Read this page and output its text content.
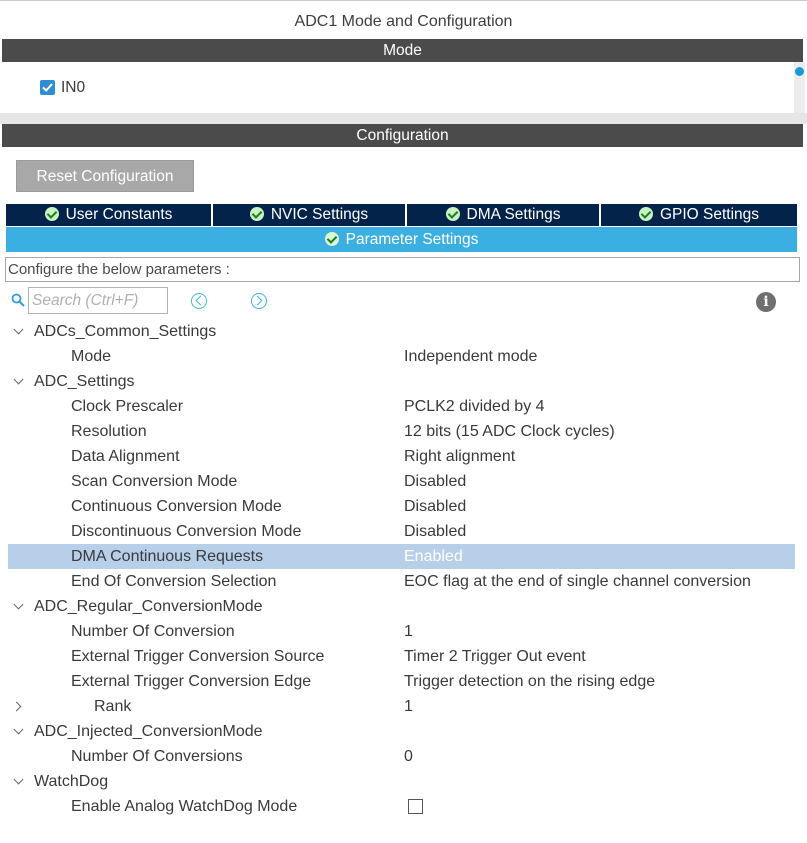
ADC1 Mode and Configuration
Mode
IN0
Configuration
Reset Configuration
User Constants	NVIC Settings	DMA Settings	GPIO Settings
Parameter Settings
Configure the below parameters :
Search (Ctrl+F)
i
ADCs_Common_Settings
Mode	Independent mode
ADC_Settings
Clock Prescaler	PCLK2 divided by 4
Resolution	12 bits (15 ADC Clock cycles)
Data Alignment	Right alignment
Scan Conversion Mode	Disabled
Continuous Conversion Mode	Disabled
Discontinuous Conversion Mode	Disabled
DMA Continuous Requests	Enabled
End Of Conversion Selection	EOC flag at the end of single channel conversion
ADC_Regular_ConversionMode
Number Of Conversion	1
External Trigger Conversion Source	Timer 2 Trigger Out event
External Trigger Conversion Edge	Trigger detection on the rising edge
Rank	1
ADC_Injected_ConversionMode
Number Of Conversions	0
WatchDog
Enable Analog WatchDog Mode
